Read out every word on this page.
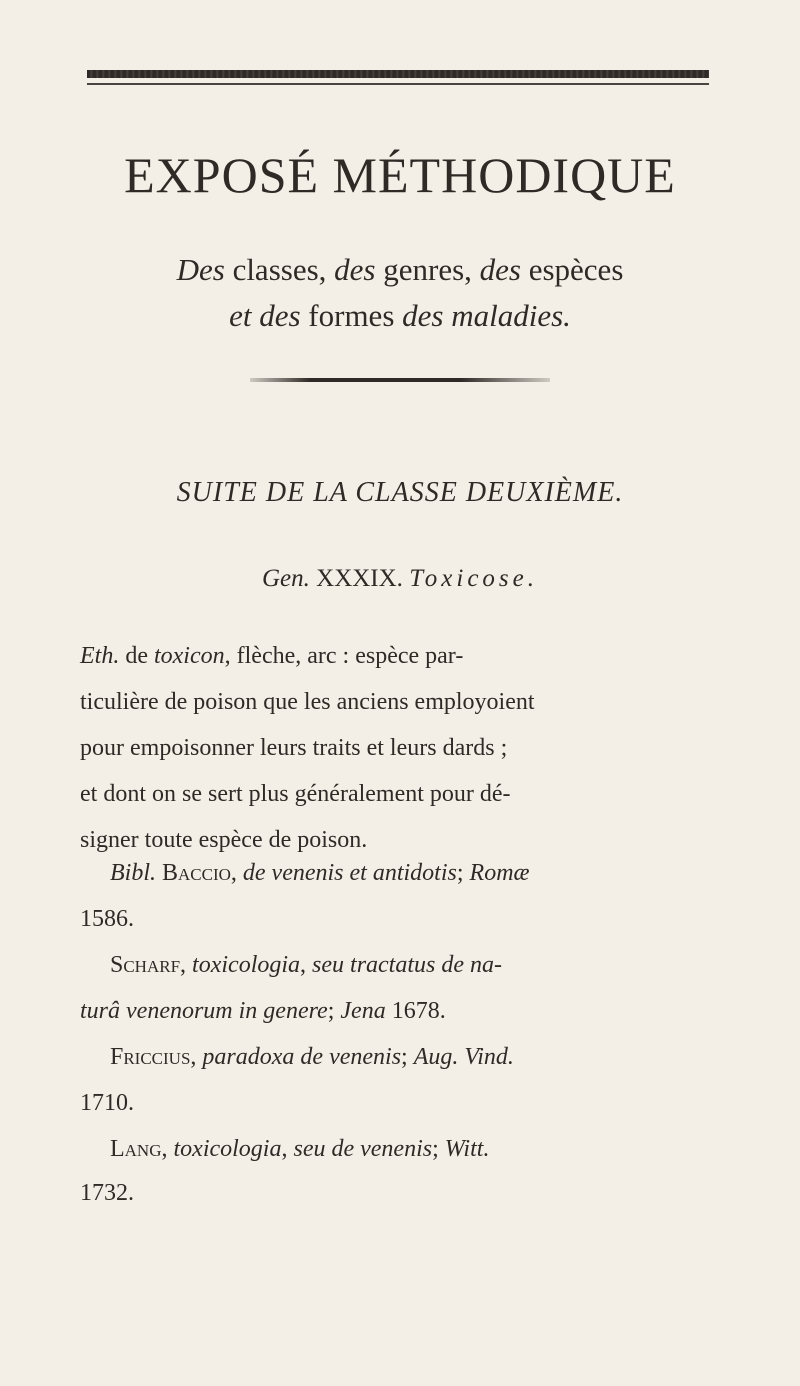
EXPOSÉ MÉTHODIQUE
Des classes, des genres, des espèces
et des formes des maladies.
SUITE DE LA CLASSE DEUXIÈME.
Gen. XXXIX. Toxicose.
Eth. de toxicon, flèche, arc : espèce par-
ticulière de poison que les anciens employoient
pour empoisonner leurs traits et leurs dards ;
et dont on se sert plus généralement pour dé-
signer toute espèce de poison.
Bibl. Baccio, de venenis et antidotis; Romæ
1586.
Scharf, toxicologia, seu tractatus de na-
turâ venenorum in genere; Jena 1678.
Friccius, paradoxa de venenis; Aug. Vind.
1710.
Lang, toxicologia, seu de venenis; Witt.
1732.
